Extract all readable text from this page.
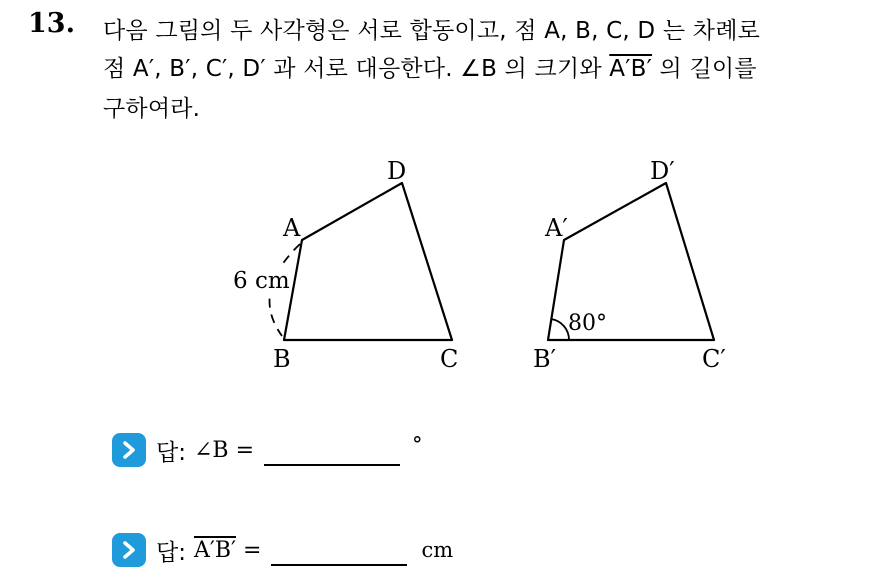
13. 다음 그림의 두 사각형은 서로 합동이고, 점 A, B, C, D 는 차례로
점 A′, B′, C′, D′ 과 서로 대응한다. ∠B 의 크기와 A′B′ 의 길이를
구하여라.
6 cm
A
D
B	C
80°
A′
D′
B′	C′
답: ∠B =	°
답: A′B′ =	cm
